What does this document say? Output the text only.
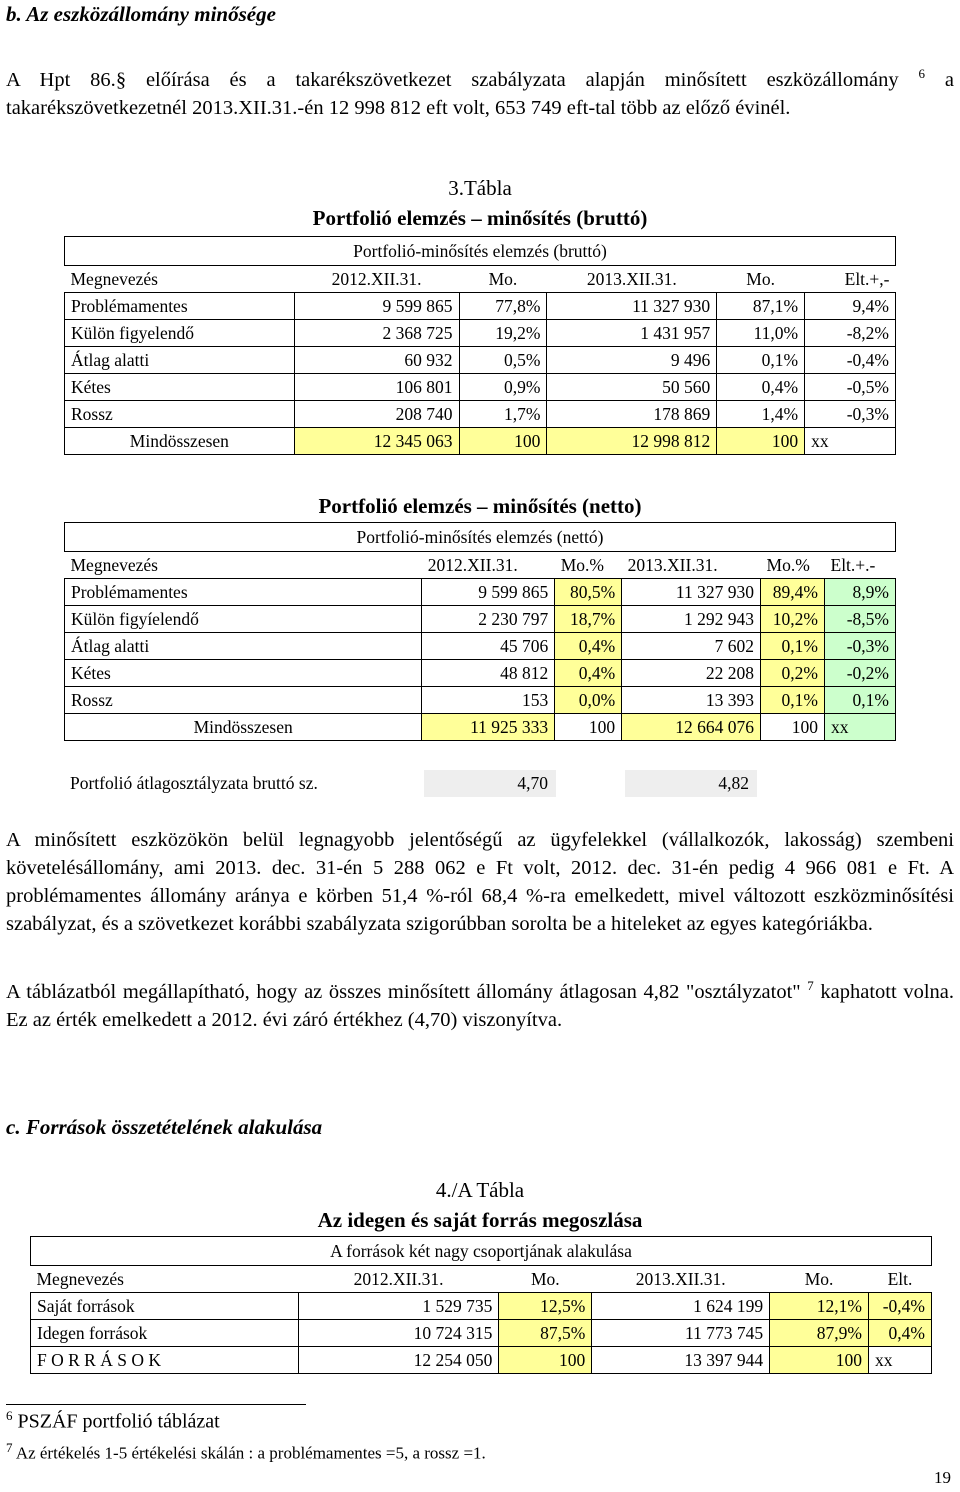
b. Az eszközállomány minősége
A Hpt 86.§ előírása és a takarékszövetkezet szabályzata alapján minősített eszközállomány $^6$ a takarékszövetkezetnél 2013.XII.31.-én 12 998 812 eft volt, 653 749 eft-tal több az előző évinél.
3.Tábla
Portfolió elemzés – minősítés (bruttó)
Portfolió-minősítés elemzés (bruttó)					
Megnevezés	2012.XII.31.	Mo.	2013.XII.31.	Mo.	Elt.+,-
Problémamentes	9 599 865	77,8%	11 327 930	87,1%	9,4%
Külön figyelendő	2 368 725	19,2%	1 431 957	11,0%	-8,2%
Átlag alatti	60 932	0,5%	9 496	0,1%	-0,4%
Kétes	106 801	0,9%	50 560	0,4%	-0,5%
Rossz	208 740	1,7%	178 869	1,4%	-0,3%
Mindösszesen	12 345 063	100	12 998 812	100	xx
Portfolió elemzés – minősítés (netto)
Portfolió-minősítés elemzés (nettó)					
Megnevezés	2012.XII.31.	Mo.%	2013.XII.31.	Mo.%	Elt.+.-
Problémamentes	9 599 865	80,5%	11 327 930	89,4%	8,9%
Külön figyíelendő	2 230 797	18,7%	1 292 943	10,2%	-8,5%
Átlag alatti	45 706	0,4%	7 602	0,1%	-0,3%
Kétes	48 812	0,4%	22 208	0,2%	-0,2%
Rossz	153	0,0%	13 393	0,1%	0,1%
Mindösszesen	11 925 333	100	12 664 076	100	xx
Portfolió átlagosztályzata bruttó sz.	4,70	4,82
A minősített eszközökön belül legnagyobb jelentőségű az ügyfelekkel (vállalkozók, lakosság) szembeni követelésállomány, ami 2013. dec. 31-én 5 288 062 e Ft volt, 2012. dec. 31-én pedig 4 966 081 e Ft. A problémamentes állomány aránya e körben 51,4 %-ról 68,4 %-ra emelkedett, mivel változott eszközminősítési szabályzat, és a szövetkezet korábbi szabályzata szigorúbban sorolta be a hiteleket az egyes kategóriákba.
A táblázatból megállapítható, hogy az összes minősített állomány átlagosan 4,82 "osztályzatot" $^7$ kaphatott volna. Ez az érték emelkedett a 2012. évi záró értékhez (4,70) viszonyítva.
c. Források összetételének alakulása
4./A Tábla
Az idegen és saját forrás megoszlása
A források két nagy csoportjának alakulása					
Megnevezés	2012.XII.31.	Mo.	2013.XII.31.	Mo.	Elt.
Saját források	1 529 735	12,5%	1 624 199	12,1%	-0,4%
Idegen források	10 724 315	87,5%	11 773 745	87,9%	0,4%
F O R R Á S O K	12 254 050	100	13 397 944	100	xx
$^6$ PSZÁF portfolió táblázat
$^7$ Az értékelés 1-5 értékelési skálán : a problémamentes =5, a rossz =1.
19
